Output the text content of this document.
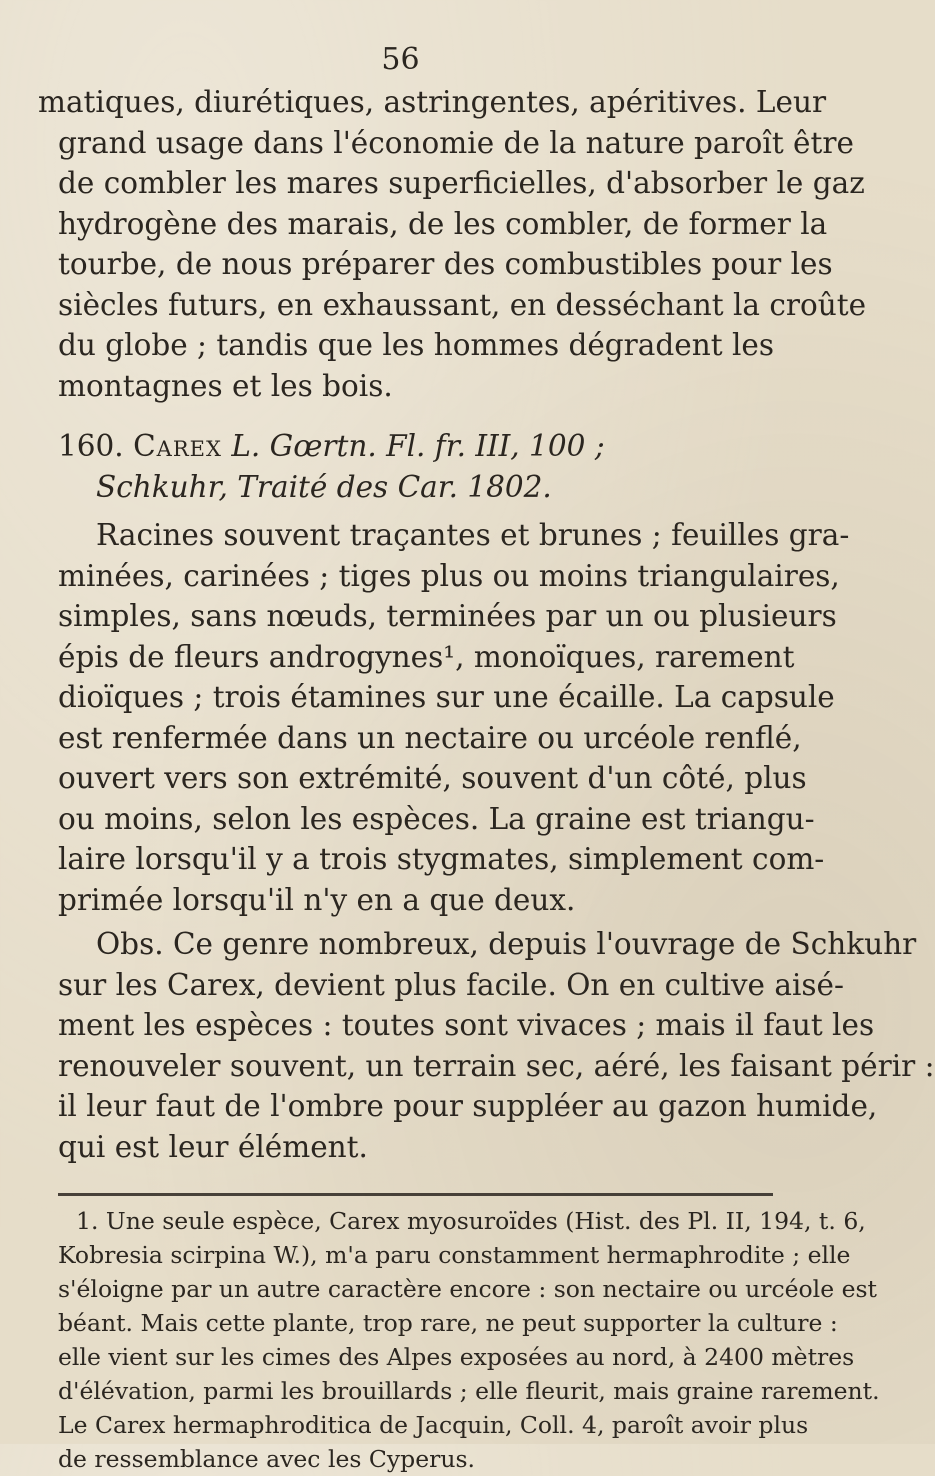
56
matiques, diurétiques, astringentes, apéritives. Leur
grand usage dans l'économie de la nature paroît être
de combler les mares superficielles, d'absorber le gaz
hydrogène des marais, de les combler, de former la
tourbe, de nous préparer des combustibles pour les
siècles futurs, en exhaussant, en desséchant la croûte
du globe ; tandis que les hommes dégradent les
montagnes et les bois.
160. Carex L. Gœrtn. Fl. fr. III, 100 ;
Schkuhr, Traité des Car. 1802.
Racines souvent traçantes et brunes ; feuilles gra-
minées, carinées ; tiges plus ou moins triangulaires,
simples, sans nœuds, terminées par un ou plusieurs
épis de fleurs androgynes¹, monoïques, rarement
dioïques ; trois étamines sur une écaille. La capsule
est renfermée dans un nectaire ou urcéole renflé,
ouvert vers son extrémité, souvent d'un côté, plus
ou moins, selon les espèces. La graine est triangu-
laire lorsqu'il y a trois stygmates, simplement com-
primée lorsqu'il n'y en a que deux.
Obs. Ce genre nombreux, depuis l'ouvrage de Schkuhr
sur les Carex, devient plus facile. On en cultive aisé-
ment les espèces : toutes sont vivaces ; mais il faut les
renouveler souvent, un terrain sec, aéré, les faisant périr :
il leur faut de l'ombre pour suppléer au gazon humide,
qui est leur élément.
1. Une seule espèce, Carex myosuroïdes (Hist. des Pl. II, 194, t. 6,
Kobresia scirpina W.), m'a paru constamment hermaphrodite ; elle
s'éloigne par un autre caractère encore : son nectaire ou urcéole est
béant. Mais cette plante, trop rare, ne peut supporter la culture :
elle vient sur les cimes des Alpes exposées au nord, à 2400 mètres
d'élévation, parmi les brouillards ; elle fleurit, mais graine rarement.
Le Carex hermaphroditica de Jacquin, Coll. 4, paroît avoir plus
de ressemblance avec les Cyperus.
